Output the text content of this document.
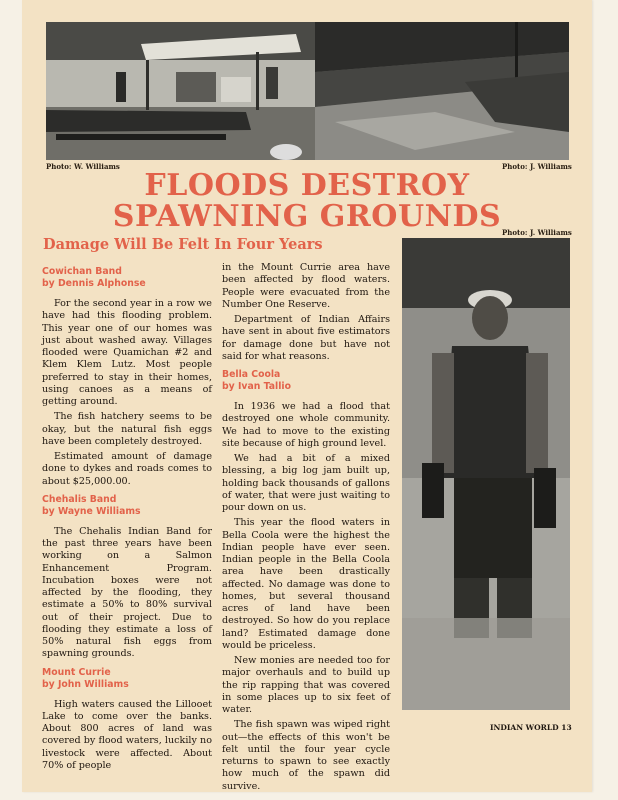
Photo: W. Williams	Photo: J. Williams
FLOODS DESTROY
SPAWNING GROUNDS Photo: J. Williams
Damage Will Be Felt In Four Years
Cowichan Band
by Dennis Alphonse

For the second year in a row we have had this flooding problem. This year one of our homes was just about washed away. Villages flooded were Quamichan #2 and Klem Klem Lutz. Most people preferred to stay in their homes, using canoes as a means of getting around.

The fish hatchery seems to be okay, but the natural fish eggs have been completely destroyed.

Estimated amount of damage done to dykes and roads comes to about $25,000.00.

Chehalis Band
by Wayne Williams

The Chehalis Indian Band for the past three years have been working on a Salmon Enhancement Program. Incubation boxes were not affected by the flooding, they estimate a 50% to 80% survival out of their project. Due to flooding they estimate a loss of 50% natural fish eggs from spawning grounds.

Mount Currie
by John Williams

High waters caused the Lillooet Lake to come over the banks. About 800 acres of land was covered by flood waters, luckily no livestock were affected. About 70% of people

in the Mount Currie area have been affected by flood waters. People were evacuated from the Number One Reserve.

Department of Indian Affairs have sent in about five estimators for damage done but have not said for what reasons.

Bella Coola
by Ivan Tallio

In 1936 we had a flood that destroyed one whole community. We had to move to the existing site because of high ground level.

We had a bit of a mixed blessing, a big log jam built up, holding back thousands of gallons of water, that were just waiting to pour down on us.

This year the flood waters in Bella Coola were the highest the Indian people have ever seen. Indian people in the Bella Coola area have been drastically affected. No damage was done to homes, but several thousand acres of land have been destroyed. So how do you replace land? Estimated damage done would be priceless.

New monies are needed too for major overhauls and to build up the rip rapping that was covered in some places up to six feet of water.

The fish spawn was wiped right out—the effects of this won't be felt until the four year cycle returns to spawn to see exactly how much of the spawn did survive.

INDIAN WORLD 13
